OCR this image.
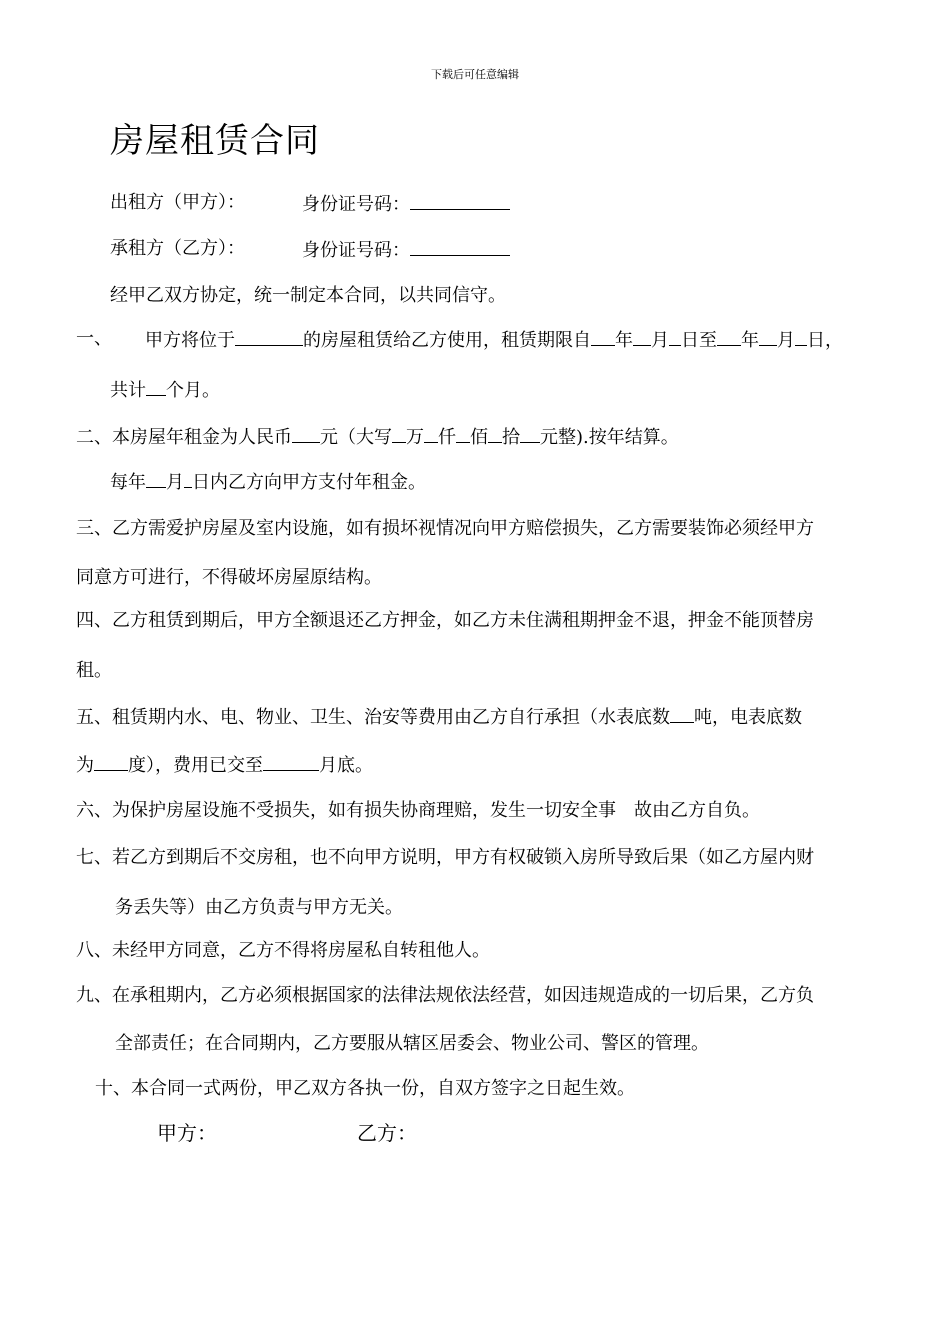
下载后可任意编辑
房屋租赁合同
出租方（甲方）：	身份证号码：
承租方（乙方）：	身份证号码：
经甲乙双方协定，统一制定本合同，以共同信守。
一、 甲方将位于	的房屋租赁给乙方使用，租赁期限自 年 月 日至 年 月 日，
共计 个月。
二、本房屋年租金为人民币 元（大写 万 仟 佰 拾 元整).按年结算。
每年 月 日内乙方向甲方支付年租金。
三、乙方需爱护房屋及室内设施，如有损坏视情况向甲方赔偿损失，乙方需要装饰必须经甲方
同意方可进行，不得破坏房屋原结构。
四、乙方租赁到期后，甲方全额退还乙方押金，如乙方未住满租期押金不退，押金不能顶替房
租。
五、租赁期内水、电、物业、卫生、治安等费用由乙方自行承担（水表底数 吨，电表底数
为 度），费用已交至	月底。
六、为保护房屋设施不受损失，如有损失协商理赔，发生一切安全事　故由乙方自负。
七、若乙方到期后不交房租，也不向甲方说明，甲方有权破锁入房所导致后果（如乙方屋内财
务丢失等）由乙方负责与甲方无关。
八、未经甲方同意，乙方不得将房屋私自转租他人。
九、在承租期内，乙方必须根据国家的法律法规依法经营，如因违规造成的一切后果，乙方负
全部责任；在合同期内，乙方要服从辖区居委会、物业公司、警区的管理。
十、本合同一式两份，甲乙双方各执一份，自双方签字之日起生效。
甲方：	乙方：
